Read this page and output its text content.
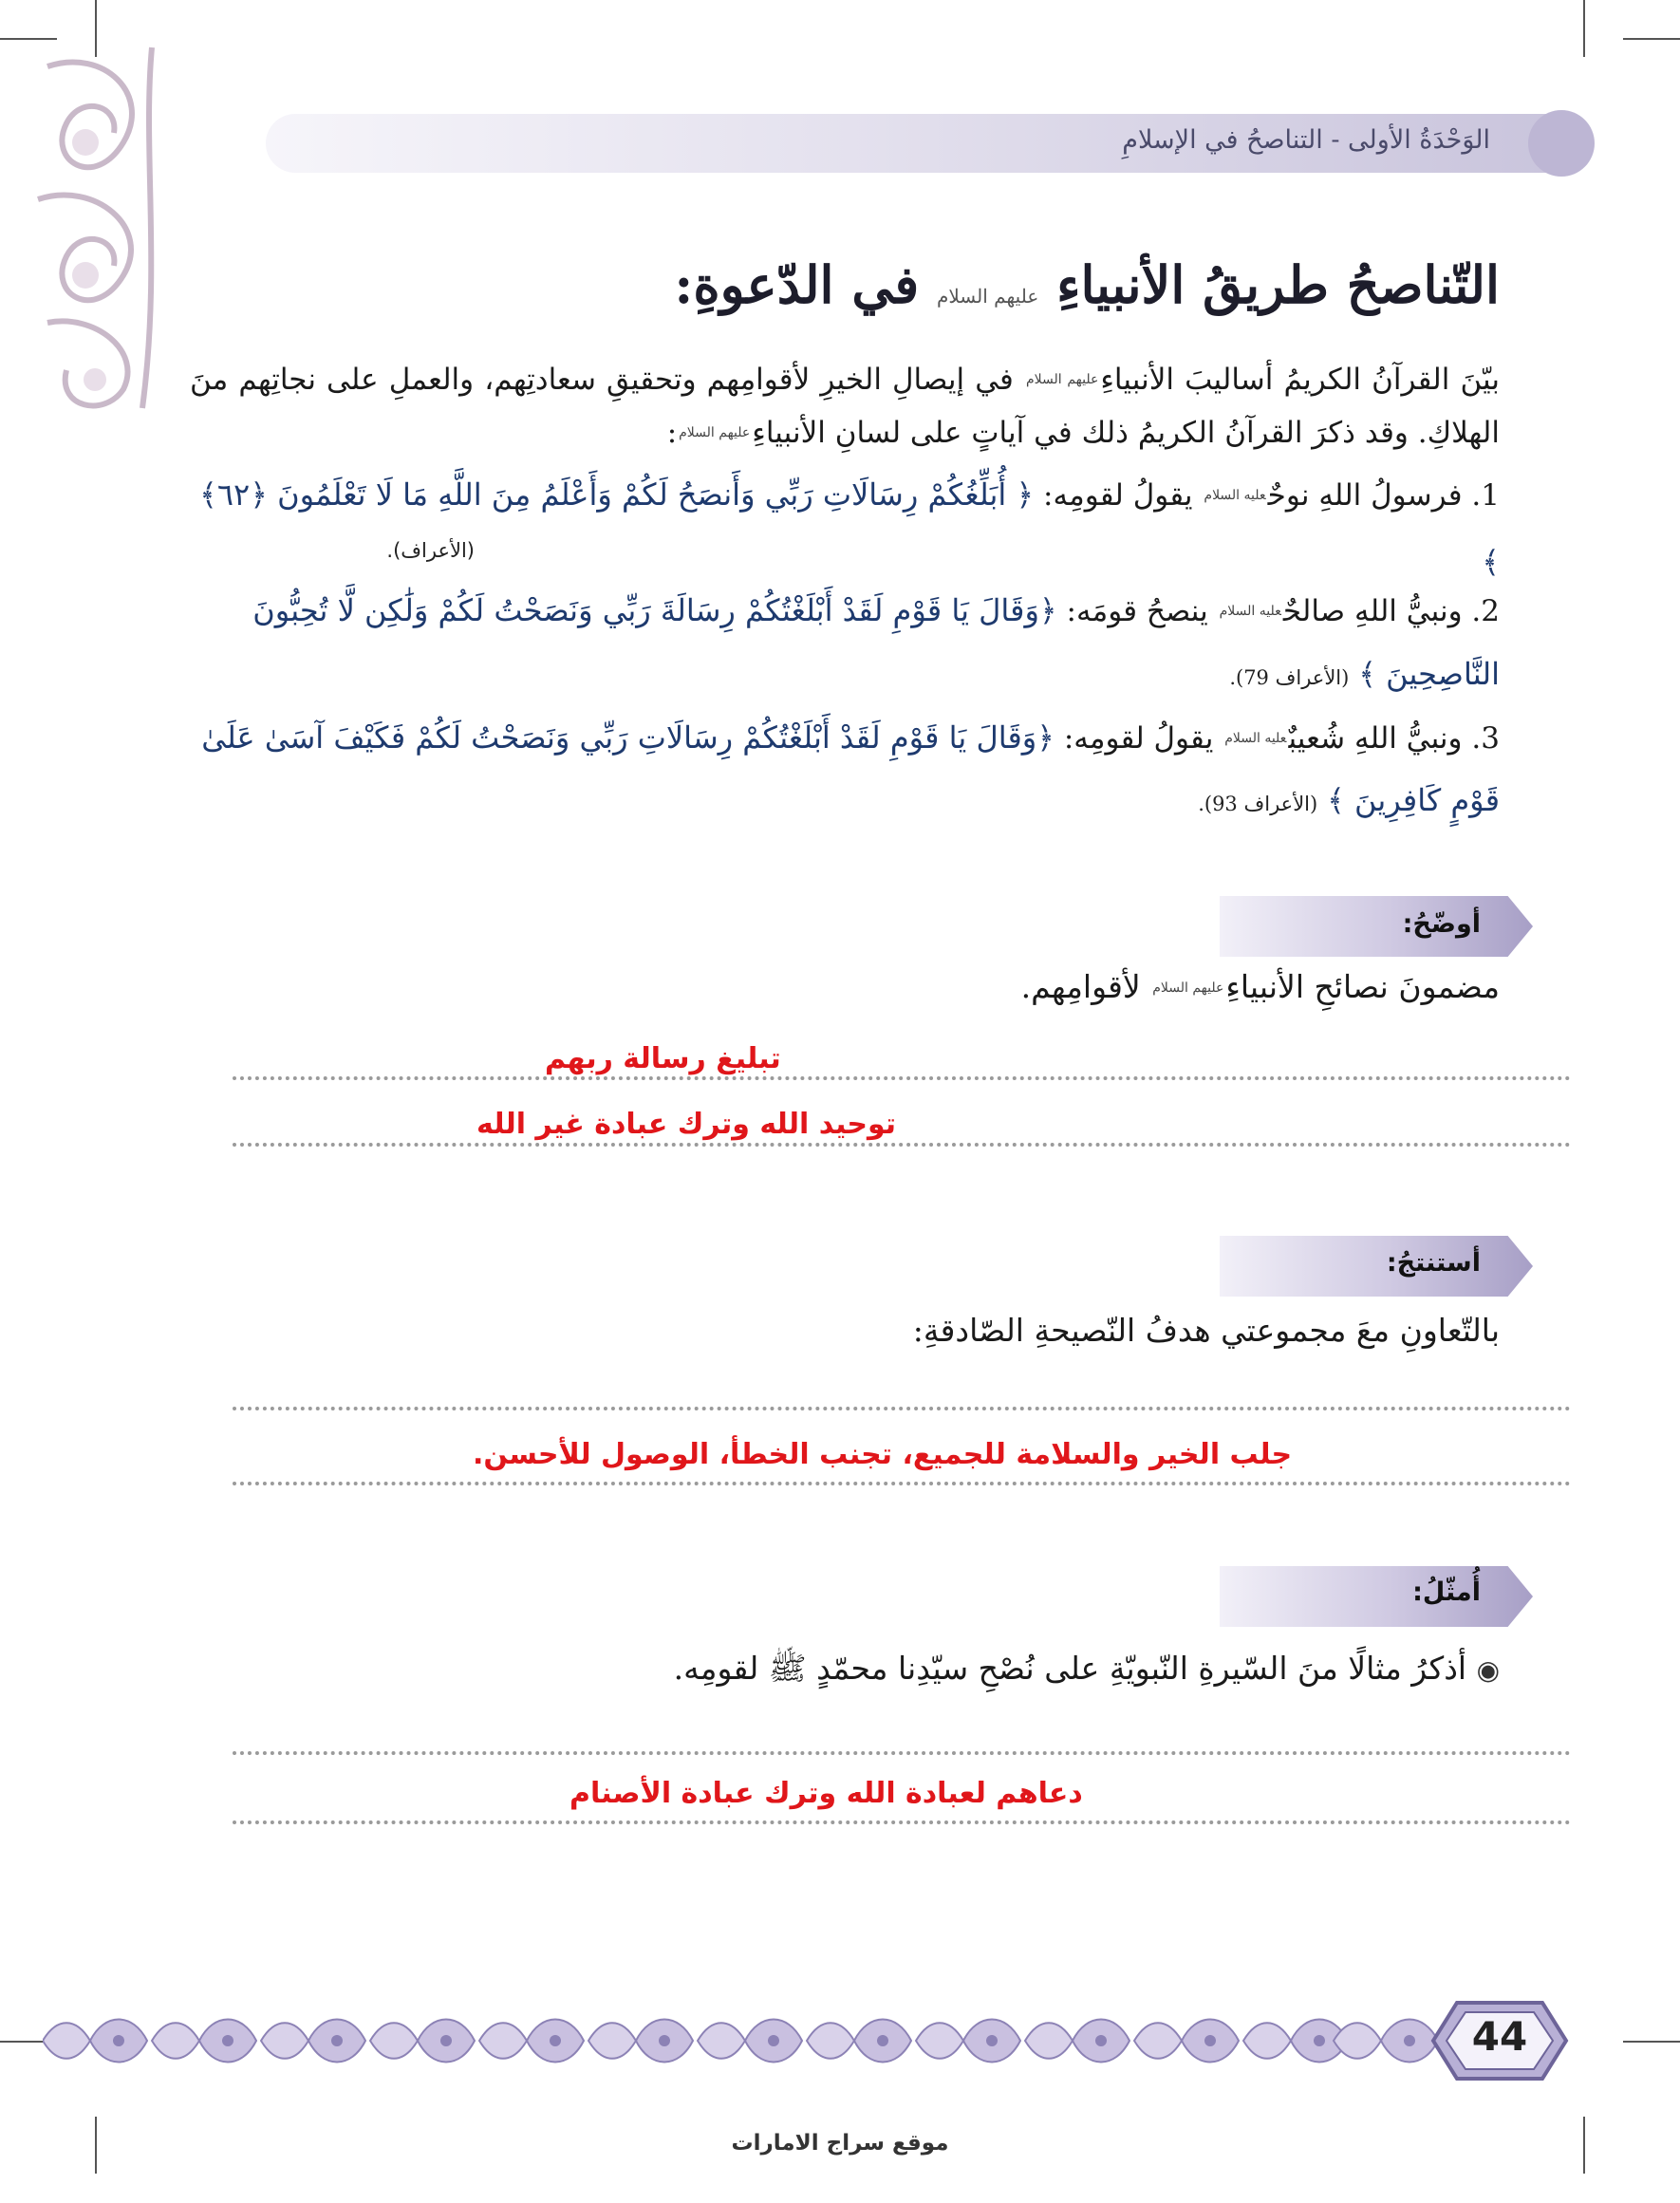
الوَحْدَةُ الأولى - التناصحُ في الإسلامِ
التّناصحُ طريقُ الأنبياءِ عليهم السلام في الدّعوةِ:

بيّنَ القرآنُ الكريمُ أساليبَ الأنبياءِعليهم السلام في إيصالِ الخيرِ لأقوامِهم وتحقيقِ سعادتِهم، والعملِ على نجاتِهم منَ الهلاكِ. وقد ذكرَ القرآنُ الكريمُ ذلك في آياتٍ على لسانِ الأنبياءِعليهم السلام:

1. فرسولُ اللهِ نوحٌعليه السلام يقولُ لقومِه: ﴿ أُبَلِّغُكُمْ رِسَالَاتِ رَبِّي وَأَنصَحُ لَكُمْ وَأَعْلَمُ مِنَ اللَّهِ مَا لَا تَعْلَمُونَ ﴿٦٢﴾ ﴾
(الأعراف).
2. ونبيُّ اللهِ صالحٌعليه السلام ينصحُ قومَه: ﴿وَقَالَ يَا قَوْمِ لَقَدْ أَبْلَغْتُكُمْ رِسَالَةَ رَبِّي وَنَصَحْتُ لَكُمْ وَلَٰكِن لَّا تُحِبُّونَ
النَّاصِحِينَ ﴾ (الأعراف 79).
3. ونبيُّ اللهِ شُعيبٌعليه السلام يقولُ لقومِه: ﴿وَقَالَ يَا قَوْمِ لَقَدْ أَبْلَغْتُكُمْ رِسَالَاتِ رَبِّي وَنَصَحْتُ لَكُمْ فَكَيْفَ آسَىٰ عَلَىٰ
قَوْمٍ كَافِرِينَ ﴾ (الأعراف 93).
أوضّحُ:
مضمونَ نصائحِ الأنبياءِعليهم السلام لأقوامِهم.
تبليغ رسالة ربهم
توحيد الله وترك عبادة غير الله
أستنتجُ:
بالتّعاونِ معَ مجموعتي هدفُ النّصيحةِ الصّادقةِ:
جلب الخير والسلامة للجميع، تجنب الخطأ، الوصول للأحسن.
أُمثّلُ:
◉ أذكرُ مثالًا منَ السّيرةِ النّبويّةِ على نُصْحِ سيّدِنا محمّدٍ ﷺ لقومِه.
دعاهم لعبادة الله وترك عبادة الأصنام
44
موقع سراج الامارات
